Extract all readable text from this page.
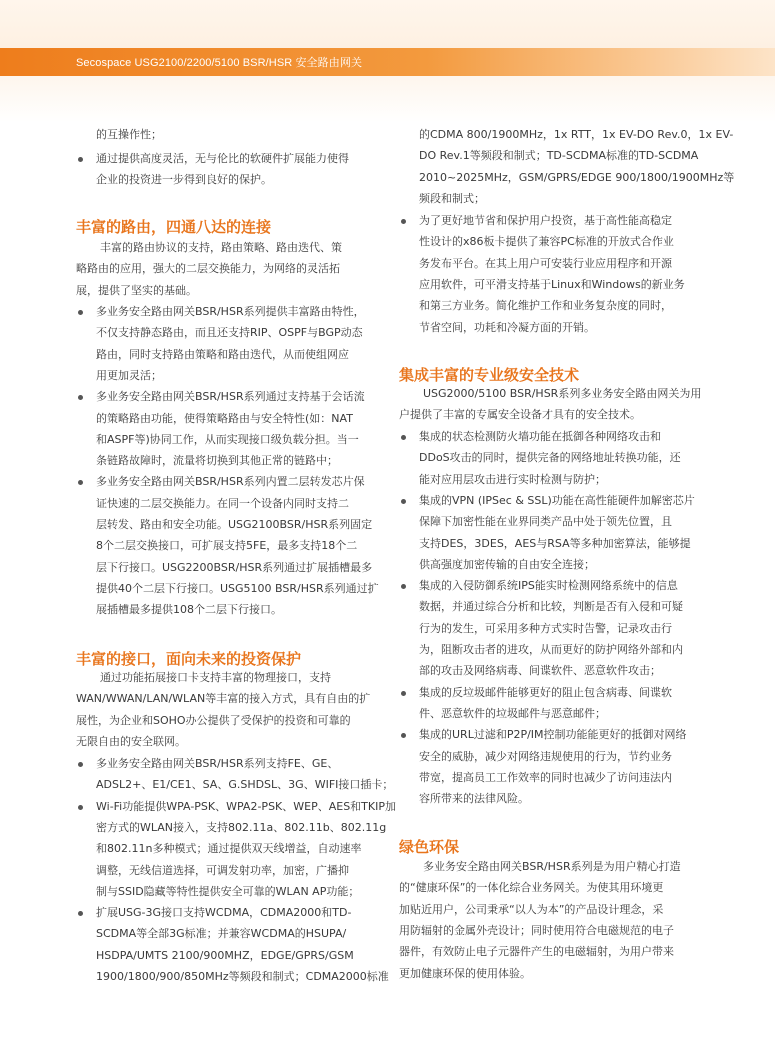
Secospace USG2100/2200/5100 BSR/HSR 安全路由网关
的互操作性；
通过提供高度灵活，无与伦比的软硬件扩展能力使得
企业的投资进一步得到良好的保护。
丰富的路由，四通八达的连接
丰富的路由协议的支持，路由策略、路由迭代、策
略路由的应用，强大的二层交换能力，为网络的灵活拓
展，提供了坚实的基础。
多业务安全路由网关BSR/HSR系列提供丰富路由特性，
不仅支持静态路由，而且还支持RIP、OSPF与BGP动态
路由，同时支持路由策略和路由迭代，从而使组网应
用更加灵活；
多业务安全路由网关BSR/HSR系列通过支持基于会话流
的策略路由功能，使得策略路由与安全特性(如：NAT
和ASPF等)协同工作，从而实现接口级负载分担。当一
条链路故障时，流量将切换到其他正常的链路中；
多业务安全路由网关BSR/HSR系列内置二层转发芯片保
证快速的二层交换能力。在同一个设备内同时支持二
层转发、路由和安全功能。USG2100BSR/HSR系列固定
8个二层交换接口，可扩展支持5FE，最多支持18个二
层下行接口。USG2200BSR/HSR系列通过扩展插槽最多
提供40个二层下行接口。USG5100 BSR/HSR系列通过扩
展插槽最多提供108个二层下行接口。
丰富的接口，面向未来的投资保护
通过功能拓展接口卡支持丰富的物理接口，支持
WAN/WWAN/LAN/WLAN等丰富的接入方式，具有自由的扩
展性，为企业和SOHO办公提供了受保护的投资和可靠的
无限自由的安全联网。
多业务安全路由网关BSR/HSR系列支持FE、GE、
ADSL2+、E1/CE1、SA、G.SHDSL、3G、WIFI接口插卡；
Wi-Fi功能提供WPA-PSK、WPA2-PSK、WEP、AES和TKIP加
密方式的WLAN接入，支持802.11a、802.11b、802.11g
和802.11n多种模式；通过提供双天线增益，自动速率
调整，无线信道选择，可调发射功率，加密，广播抑
制与SSID隐藏等特性提供安全可靠的WLAN AP功能；
扩展USG-3G接口支持WCDMA，CDMA2000和TD-
SCDMA等全部3G标准；并兼容WCDMA的HSUPA/
HSDPA/UMTS 2100/900MHZ，EDGE/GPRS/GSM
1900/1800/900/850MHz等频段和制式；CDMA2000标准
的CDMA 800/1900MHz，1x RTT，1x EV-DO Rev.0，1x EV-
DO Rev.1等频段和制式；TD-SCDMA标准的TD-SCDMA
2010~2025MHz，GSM/GPRS/EDGE 900/1800/1900MHz等
频段和制式；
为了更好地节省和保护用户投资，基于高性能高稳定
性设计的x86板卡提供了兼容PC标准的开放式合作业
务发布平台。在其上用户可安装行业应用程序和开源
应用软件，可平滑支持基于Linux和Windows的新业务
和第三方业务。简化维护工作和业务复杂度的同时，
节省空间，功耗和冷凝方面的开销。
集成丰富的专业级安全技术
USG2000/5100 BSR/HSR系列多业务安全路由网关为用
户提供了丰富的专属安全设备才具有的安全技术。
集成的状态检测防火墙功能在抵御各种网络攻击和
DDoS攻击的同时，提供完备的网络地址转换功能，还
能对应用层攻击进行实时检测与防护；
集成的VPN (IPSec & SSL)功能在高性能硬件加解密芯片
保障下加密性能在业界同类产品中处于领先位置，且
支持DES，3DES，AES与RSA等多种加密算法，能够提
供高强度加密传输的自由安全连接；
集成的入侵防御系统IPS能实时检测网络系统中的信息
数据，并通过综合分析和比较，判断是否有入侵和可疑
行为的发生，可采用多种方式实时告警，记录攻击行
为，阻断攻击者的进攻，从而更好的防护网络外部和内
部的攻击及网络病毒、间谍软件、恶意软件攻击；
集成的反垃圾邮件能够更好的阻止包含病毒、间谍软
件、恶意软件的垃圾邮件与恶意邮件；
集成的URL过滤和P2P/IM控制功能能更好的抵御对网络
安全的威胁，减少对网络违规使用的行为，节约业务
带宽，提高员工工作效率的同时也减少了访问违法内
容所带来的法律风险。
绿色环保
多业务安全路由网关BSR/HSR系列是为用户精心打造
的“健康环保”的一体化综合业务网关。为使其用环境更
加贴近用户，公司秉承“以人为本”的产品设计理念，采
用防辐射的金属外壳设计；同时使用符合电磁规范的电子
器件，有效防止电子元器件产生的电磁辐射，为用户带来
更加健康环保的使用体验。
